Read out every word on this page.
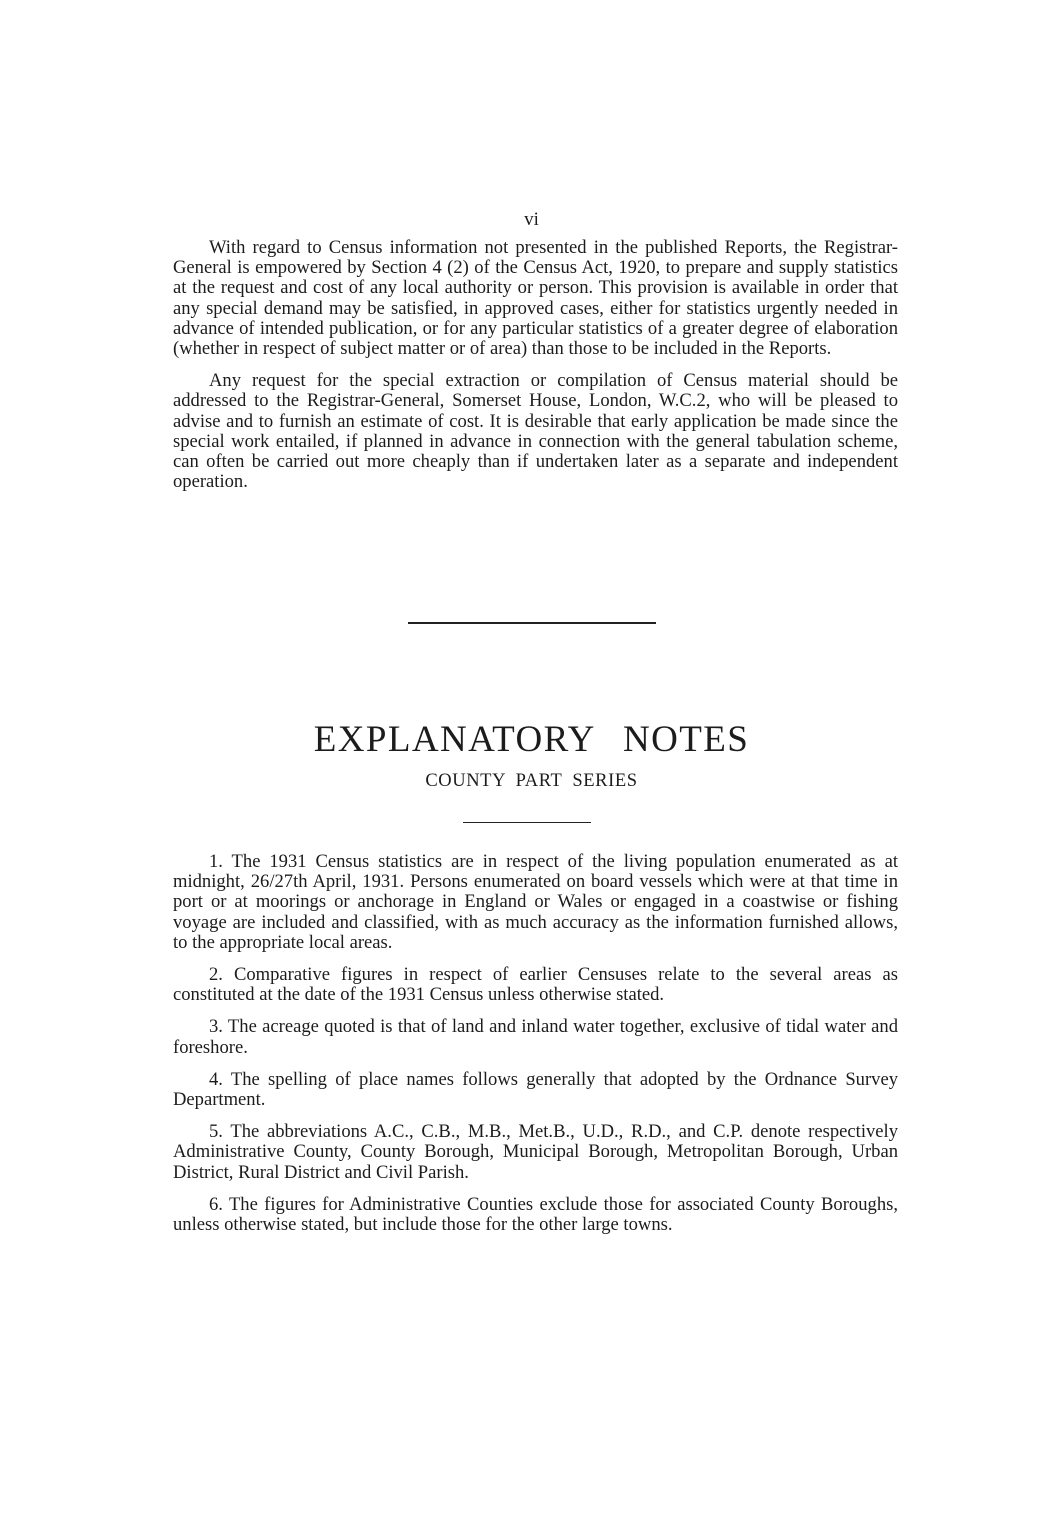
vi

With regard to Census information not presented in the published Reports, the Registrar-General is empowered by Section 4 (2) of the Census Act, 1920, to prepare and supply statistics at the request and cost of any local authority or person. This provision is available in order that any special demand may be satisfied, in approved cases, either for statistics urgently needed in advance of intended publication, or for any particular statistics of a greater degree of elaboration (whether in respect of subject matter or of area) than those to be included in the Reports.

Any request for the special extraction or compilation of Census material should be addressed to the Registrar-General, Somerset House, London, W.C.2, who will be pleased to advise and to furnish an estimate of cost. It is desirable that early application be made since the special work entailed, if planned in advance in connection with the general tabulation scheme, can often be carried out more cheaply than if undertaken later as a separate and independent operation.

EXPLANATORY NOTES
COUNTY PART SERIES

1. The 1931 Census statistics are in respect of the living population enumerated as at midnight, 26/27th April, 1931. Persons enumerated on board vessels which were at that time in port or at moorings or anchorage in England or Wales or engaged in a coastwise or fishing voyage are included and classified, with as much accuracy as the information furnished allows, to the appropriate local areas.

2. Comparative figures in respect of earlier Censuses relate to the several areas as constituted at the date of the 1931 Census unless otherwise stated.

3. The acreage quoted is that of land and inland water together, exclusive of tidal water and foreshore.

4. The spelling of place names follows generally that adopted by the Ordnance Survey Department.

5. The abbreviations A.C., C.B., M.B., Met.B., U.D., R.D., and C.P. denote respectively Administrative County, County Borough, Municipal Borough, Metropolitan Borough, Urban District, Rural District and Civil Parish.

6. The figures for Administrative Counties exclude those for associated County Boroughs, unless otherwise stated, but include those for the other large towns.
